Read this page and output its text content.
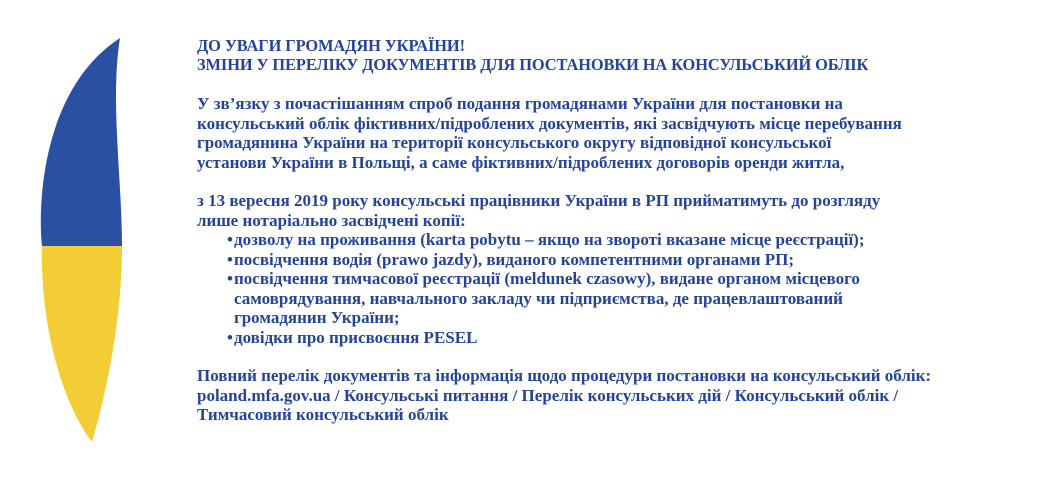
ДО УВАГИ ГРОМАДЯН УКРАЇНИ!
ЗМІНИ У ПЕРЕЛІКУ ДОКУМЕНТІВ ДЛЯ ПОСТАНОВКИ НА КОНСУЛЬСЬКИЙ ОБЛІК
У зв’язку з почастішанням спроб подання громадянами України для постановки на
консульський облік фіктивних/підроблених документів, які засвідчують місце перебування
громадянина України на території консульського округу відповідної консульської
установи України в Польщі, а саме фіктивних/підроблених договорів оренди житла,
з 13 вересня 2019 року консульські працівники України в РП прийматимуть до розгляду
лише нотаріально засвідчені копії:
• дозволу на проживання (karta pobytu – якщо на звороті вказане місце реєстрації);
• посвідчення водія (prawo jazdy), виданого компетентними органами РП;
• посвідчення тимчасової реєстрації (meldunek czasowy), видане органом місцевого
самоврядування, навчального закладу чи підприємства, де працевлаштований
громадянин України;
• довідки про присвоєння PESEL
Повний перелік документів та інформація щодо процедури постановки на консульський облік:
poland.mfa.gov.ua / Консульські питання / Перелік консульських дій / Консульський облік /
Тимчасовий консульський облік
